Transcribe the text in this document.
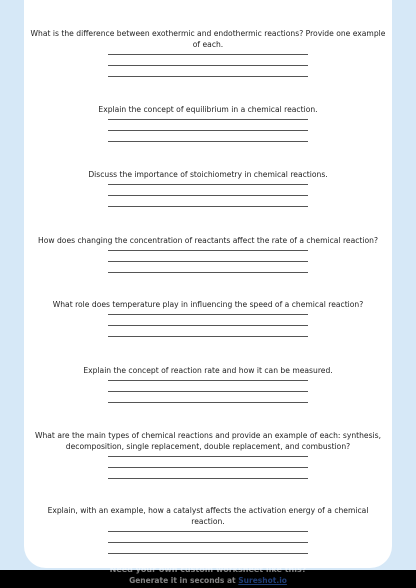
What is the difference between exothermic and endothermic reactions? Provide one example of each.
Explain the concept of equilibrium in a chemical reaction.
Discuss the importance of stoichiometry in chemical reactions.
How does changing the concentration of reactants affect the rate of a chemical reaction?
What role does temperature play in influencing the speed of a chemical reaction?
Explain the concept of reaction rate and how it can be measured.
What are the main types of chemical reactions and provide an example of each: synthesis, decomposition, single replacement, double replacement, and combustion?
Explain, with an example, how a catalyst affects the activation energy of a chemical reaction.
Need your own custom worksheet like this?
Generate it in seconds at Sureshot.io
